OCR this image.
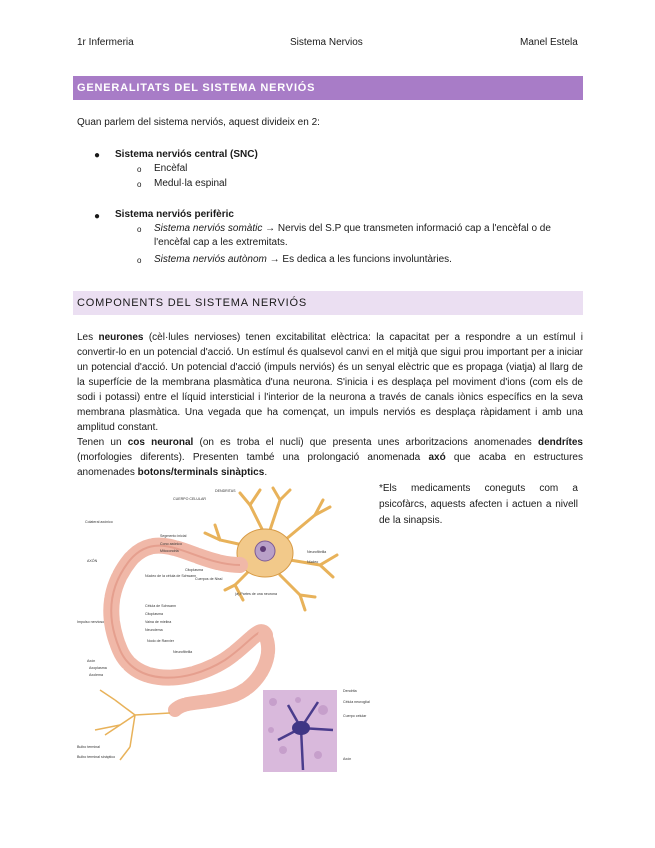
1r Infermeria	Sistema Nervios	Manel Estela
GENERALITATS DEL SISTEMA NERVIÓS
Quan parlem del sistema nerviós, aquest divideix en 2:
● Sistema nerviós central (SNC)
o Encèfal
o Medul·la espinal
● Sistema nerviós perifèric
o Sistema nerviós somàtic → Nervis del S.P que transmeten informació cap a l'encèfal o de
l'encèfal cap a les extremitats.
o Sistema nerviós autònom → Es dedica a les funcions involuntàries.
COMPONENTS DEL SISTEMA NERVIÓS
Les neurones (cèl·lules nervioses) tenen excitabilitat elèctrica: la capacitat per a respondre a un estímul i convertir-lo en un potencial d'acció. Un estímul és qualsevol canvi en el mitjà que sigui prou important per a iniciar un potencial d'acció. Un potencial d'acció (impuls nerviós) és un senyal elèctric que es propaga (viatja) al llarg de la superfície de la membrana plasmàtica d'una neurona. S'inicia i es desplaça pel moviment d'ions (com els de sodi i potassi) entre el líquid intersticial i l'interior de la neurona a través de canals iònics específics en la seva membrana plasmàtica. Una vegada que ha començat, un impuls nerviós es desplaça ràpidament i amb una amplitud constant.
Tenen un cos neuronal (on es troba el nucli) que presenta unes arboritzacions anomenades dendrítes (morfologies diferents). Presenten també una prolongació anomenada axó que acaba en estructures anomenades botons/terminals sinàptics.
*Els medicaments coneguts com a psicofàrcs, aquests afecten i actuen a nivell de la sinapsis.
DENDRITAS
CUERPO CELULAR
Colateral axónico
Segmento inicial
Cono axónico
Mitocondria
AXÓN
Núcleo de la célula de Schwann
Citoplasma
Cuerpos de Nissl
Neurofibrilla
Núcleo
(a) Partes de una neurona
Impulso nervioso
Célula de Schwann
Citoplasma
Vaina de mielina
Neurolema
Nodo de Ranvier
Neurofibrilla
Axón
Axoplasma
Axolema
Bulbo terminal
Bulbo terminal sináptico
Dendrita
Célula neuroglial
Cuerpo celular
Axón
